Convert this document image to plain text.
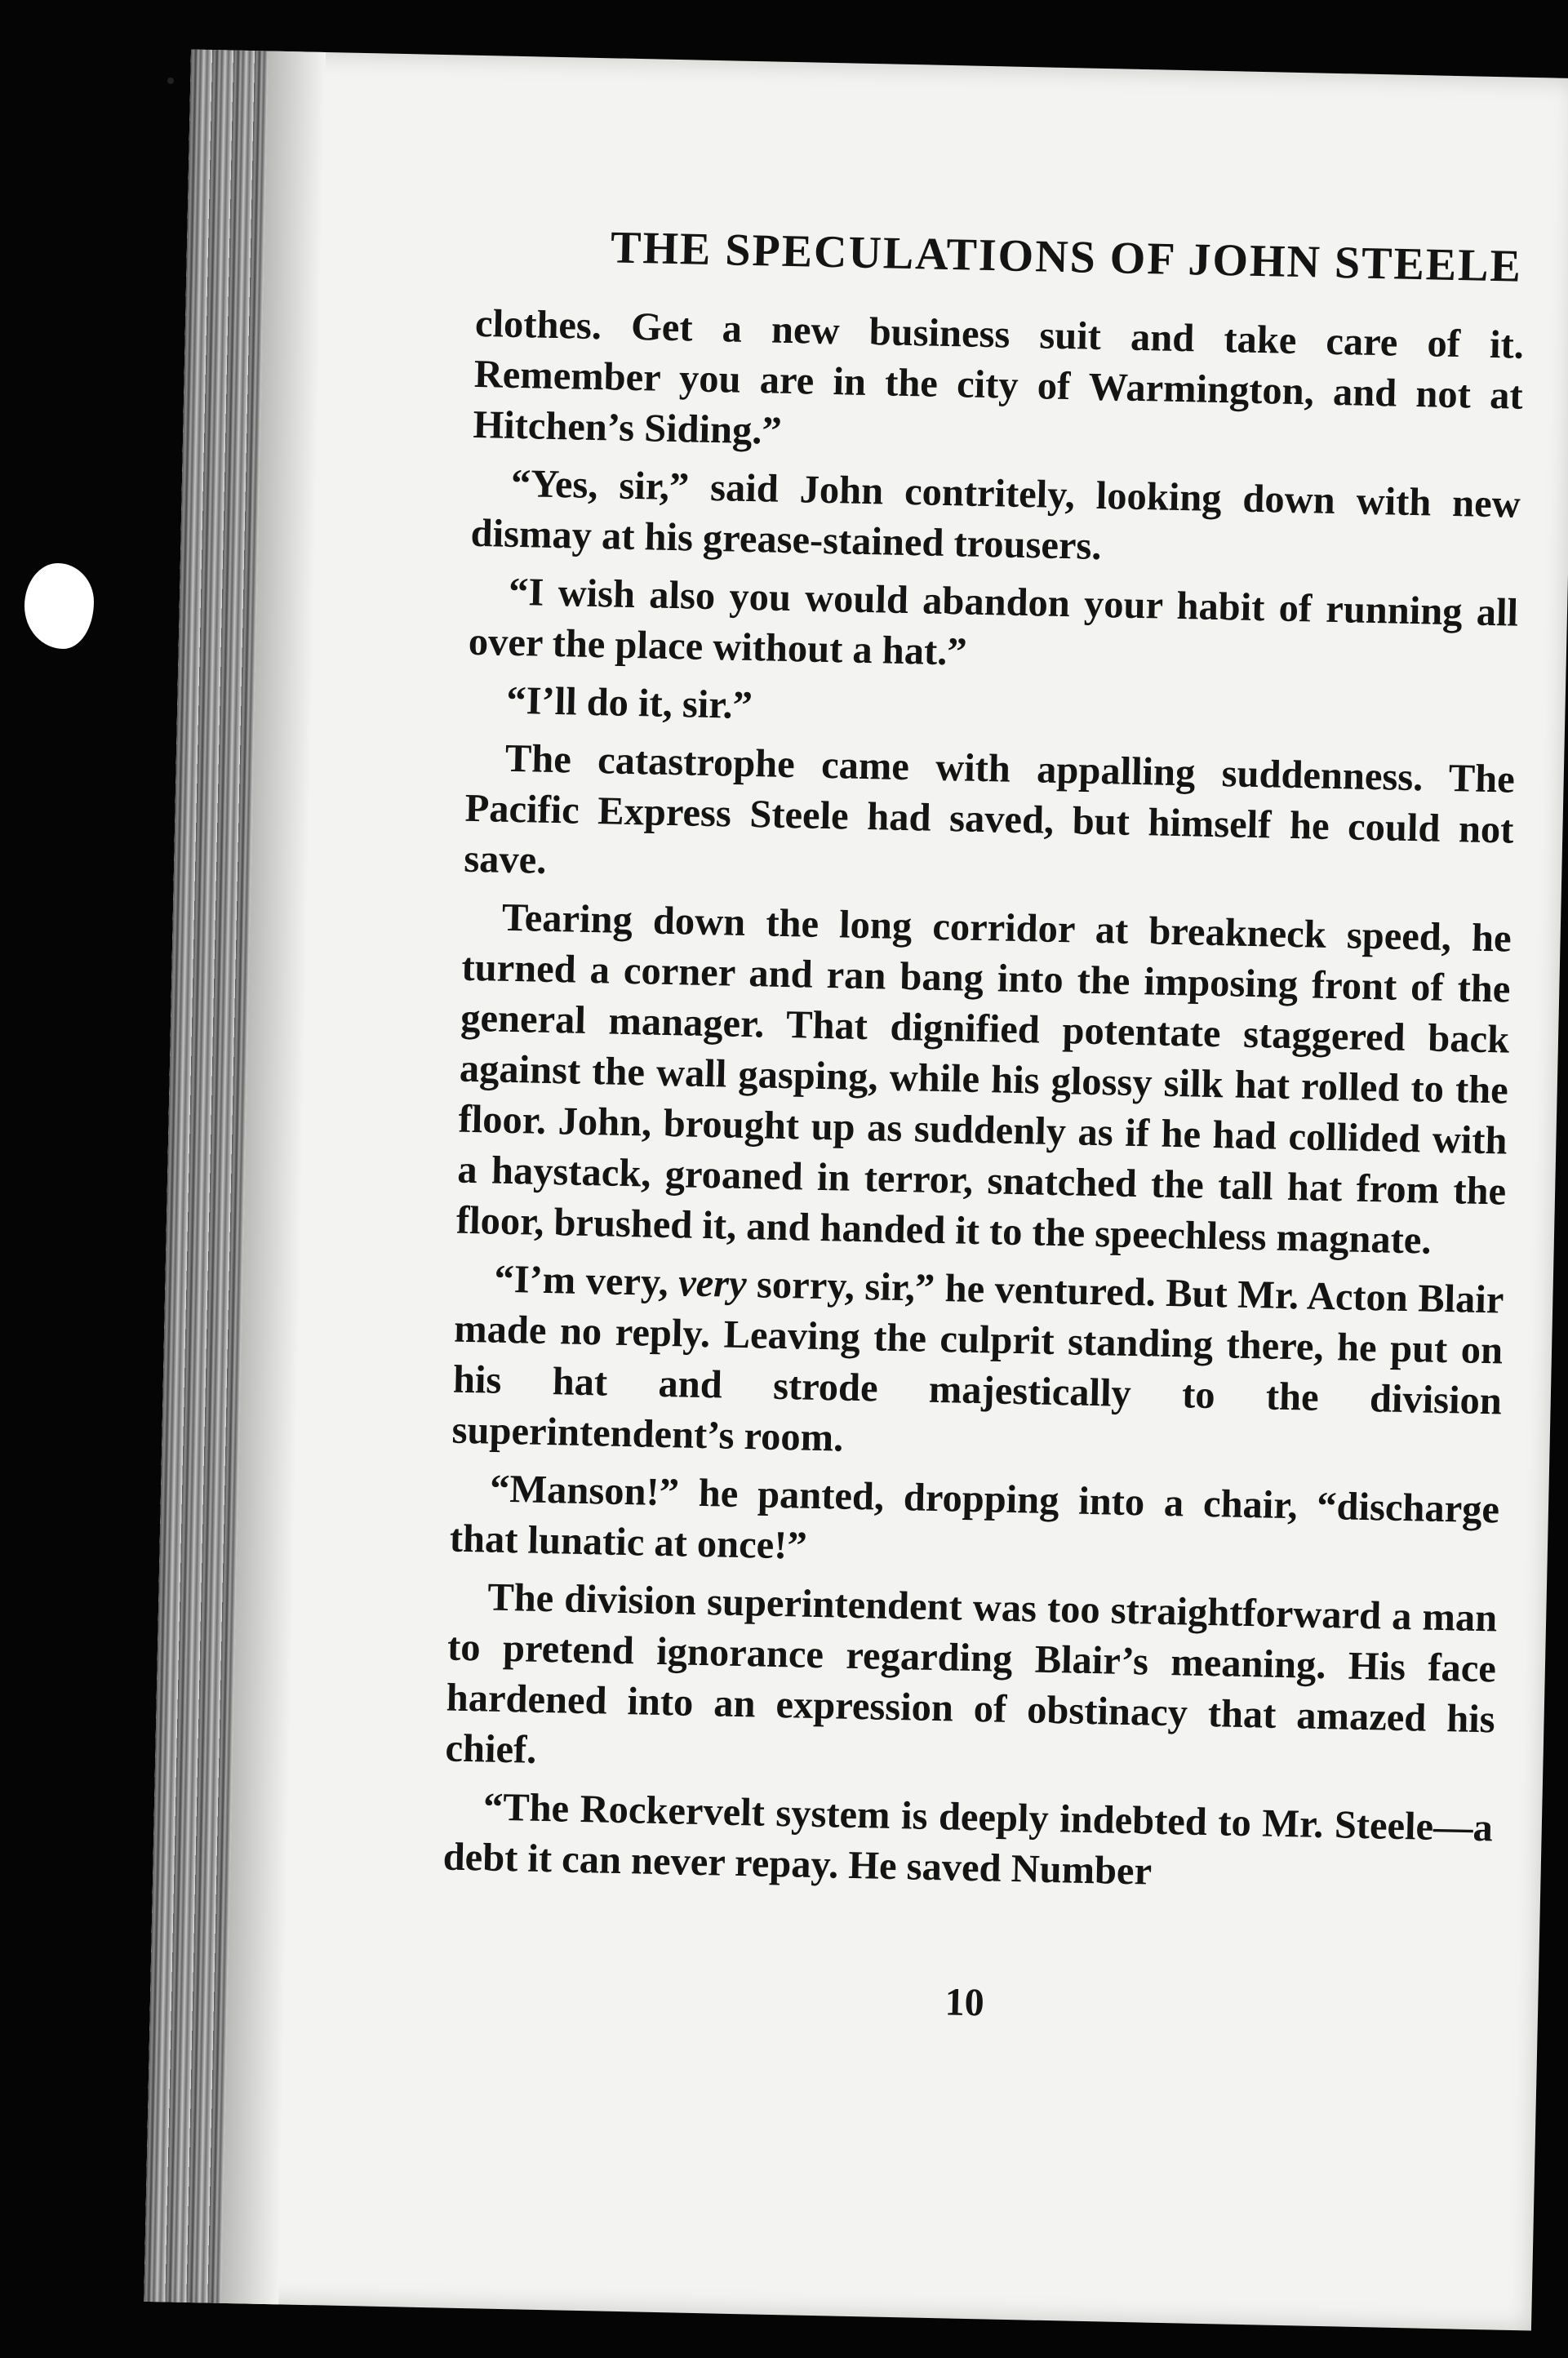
THE SPECULATIONS OF JOHN STEELE

clothes. Get a new business suit and take care of it. Remember you are in the city of Warmington, and not at Hitchen’s Siding.”

“Yes, sir,” said John contritely, looking down with new dismay at his grease-stained trousers.

“I wish also you would abandon your habit of running all over the place without a hat.”

“I’ll do it, sir.”

The catastrophe came with appalling suddenness. The Pacific Express Steele had saved, but himself he could not save.

Tearing down the long corridor at breakneck speed, he turned a corner and ran bang into the imposing front of the general manager. That dignified potentate staggered back against the wall gasping, while his glossy silk hat rolled to the floor. John, brought up as suddenly as if he had collided with a haystack, groaned in terror, snatched the tall hat from the floor, brushed it, and handed it to the speechless magnate.

“I’m very, very sorry, sir,” he ventured. But Mr. Acton Blair made no reply. Leaving the culprit standing there, he put on his hat and strode majestically to the division superintendent’s room.

“Manson!” he panted, dropping into a chair, “discharge that lunatic at once!”

The division superintendent was too straightforward a man to pretend ignorance regarding Blair’s meaning. His face hardened into an expression of obstinacy that amazed his chief.

“The Rockervelt system is deeply indebted to Mr. Steele—a debt it can never repay. He saved Number

10
